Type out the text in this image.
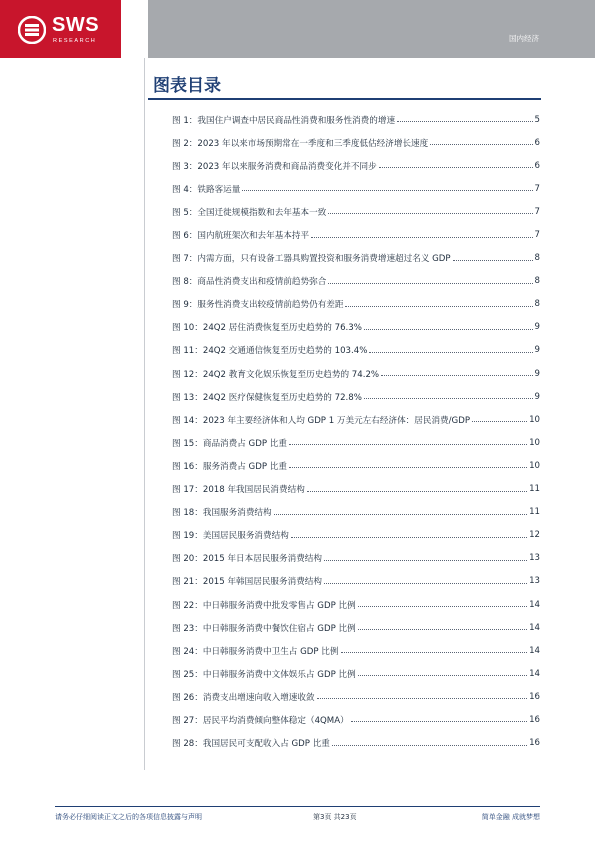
SWS
RESEARCH	国内经济
图表目录
图 1：我国住户调查中居民商品性消费和服务性消费的增速	5
图 2：2023 年以来市场预期常在一季度和三季度低估经济增长速度	6
图 3：2023 年以来服务消费和商品消费变化并不同步	6
图 4：铁路客运量	7
图 5：全国迁徙规模指数和去年基本一致	7
图 6：国内航班架次和去年基本持平	7
图 7：内需方面，只有设备工器具购置投资和服务消费增速超过名义 GDP	8
图 8：商品性消费支出和疫情前趋势弥合	8
图 9：服务性消费支出较疫情前趋势仍有差距	8
图 10：24Q2 居住消费恢复至历史趋势的 76.3%	9
图 11：24Q2 交通通信恢复至历史趋势的 103.4%	9
图 12：24Q2 教育文化娱乐恢复至历史趋势的 74.2%	9
图 13：24Q2 医疗保健恢复至历史趋势的 72.8%	9
图 14：2023 年主要经济体和人均 GDP 1 万美元左右经济体：居民消费/GDP	10
图 15：商品消费占 GDP 比重	10
图 16：服务消费占 GDP 比重	10
图 17：2018 年我国居民消费结构	11
图 18：我国服务消费结构	11
图 19：美国居民服务消费结构	12
图 20：2015 年日本居民服务消费结构	13
图 21：2015 年韩国居民服务消费结构	13
图 22：中日韩服务消费中批发零售占 GDP 比例	14
图 23：中日韩服务消费中餐饮住宿占 GDP 比例	14
图 24：中日韩服务消费中卫生占 GDP 比例	14
图 25：中日韩服务消费中文体娱乐占 GDP 比例	14
图 26：消费支出增速向收入增速收敛	16
图 27：居民平均消费倾向整体稳定（4QMA）	16
图 28：我国居民可支配收入占 GDP 比重	16
请务必仔细阅读正文之后的各项信息披露与声明	第3页 共23页	简单金融 成就梦想
